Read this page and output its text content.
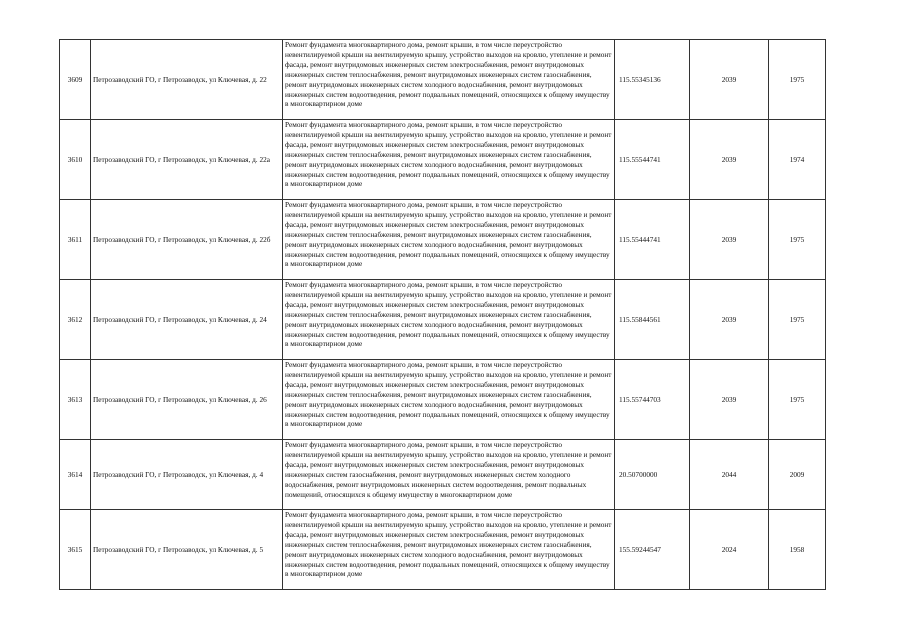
3609	Петрозаводский ГО, г Петрозаводск, ул Ключевая, д. 22	Ремонт фундамента многоквартирного дома, ремонт крыши, в том числе переустройство невентилируемой крыши на вентилируемую крышу, устройство выходов на кровлю, утепление и ремонт фасада, ремонт внутридомовых инженерных систем электроснабжения, ремонт внутридомовых инженерных систем теплоснабжения, ремонт внутридомовых инженерных систем газоснабжения, ремонт внутридомовых инженерных систем холодного водоснабжения, ремонт внутридомовых инженерных систем водоотведения, ремонт подвальных помещений, относящихся к общему имуществу в многоквартирном доме	115.55345136	2039	1975
3610	Петрозаводский ГО, г Петрозаводск, ул Ключевая, д. 22а	Ремонт фундамента многоквартирного дома, ремонт крыши, в том числе переустройство невентилируемой крыши на вентилируемую крышу, устройство выходов на кровлю, утепление и ремонт фасада, ремонт внутридомовых инженерных систем электроснабжения, ремонт внутридомовых инженерных систем теплоснабжения, ремонт внутридомовых инженерных систем газоснабжения, ремонт внутридомовых инженерных систем холодного водоснабжения, ремонт внутридомовых инженерных систем водоотведения, ремонт подвальных помещений, относящихся к общему имуществу в многоквартирном доме	115.55544741	2039	1974
3611	Петрозаводский ГО, г Петрозаводск, ул Ключевая, д. 22б	Ремонт фундамента многоквартирного дома, ремонт крыши, в том числе переустройство невентилируемой крыши на вентилируемую крышу, устройство выходов на кровлю, утепление и ремонт фасада, ремонт внутридомовых инженерных систем электроснабжения, ремонт внутридомовых инженерных систем теплоснабжения, ремонт внутридомовых инженерных систем газоснабжения, ремонт внутридомовых инженерных систем холодного водоснабжения, ремонт внутридомовых инженерных систем водоотведения, ремонт подвальных помещений, относящихся к общему имуществу в многоквартирном доме	115.55444741	2039	1975
3612	Петрозаводский ГО, г Петрозаводск, ул Ключевая, д. 24	Ремонт фундамента многоквартирного дома, ремонт крыши, в том числе переустройство невентилируемой крыши на вентилируемую крышу, устройство выходов на кровлю, утепление и ремонт фасада, ремонт внутридомовых инженерных систем электроснабжения, ремонт внутридомовых инженерных систем теплоснабжения, ремонт внутридомовых инженерных систем газоснабжения, ремонт внутридомовых инженерных систем холодного водоснабжения, ремонт внутридомовых инженерных систем водоотведения, ремонт подвальных помещений, относящихся к общему имуществу в многоквартирном доме	115.55844561	2039	1975
3613	Петрозаводский ГО, г Петрозаводск, ул Ключевая, д. 26	Ремонт фундамента многоквартирного дома, ремонт крыши, в том числе переустройство невентилируемой крыши на вентилируемую крышу, устройство выходов на кровлю, утепление и ремонт фасада, ремонт внутридомовых инженерных систем электроснабжения, ремонт внутридомовых инженерных систем теплоснабжения, ремонт внутридомовых инженерных систем газоснабжения, ремонт внутридомовых инженерных систем холодного водоснабжения, ремонт внутридомовых инженерных систем водоотведения, ремонт подвальных помещений, относящихся к общему имуществу в многоквартирном доме	115.55744703	2039	1975
3614	Петрозаводский ГО, г Петрозаводск, ул Ключевая, д. 4	Ремонт фундамента многоквартирного дома, ремонт крыши, в том числе переустройство невентилируемой крыши на вентилируемую крышу, устройство выходов на кровлю, утепление и ремонт фасада, ремонт внутридомовых инженерных систем электроснабжения, ремонт внутридомовых инженерных систем газоснабжения, ремонт внутридомовых инженерных систем холодного водоснабжения, ремонт внутридомовых инженерных систем водоотведения, ремонт подвальных помещений, относящихся к общему имуществу в многоквартирном доме	20.50700000	2044	2009
3615	Петрозаводский ГО, г Петрозаводск, ул Ключевая, д. 5	Ремонт фундамента многоквартирного дома, ремонт крыши, в том числе переустройство невентилируемой крыши на вентилируемую крышу, устройство выходов на кровлю, утепление и ремонт фасада, ремонт внутридомовых инженерных систем электроснабжения, ремонт внутридомовых инженерных систем теплоснабжения, ремонт внутридомовых инженерных систем газоснабжения, ремонт внутридомовых инженерных систем холодного водоснабжения, ремонт внутридомовых инженерных систем водоотведения, ремонт подвальных помещений, относящихся к общему имуществу в многоквартирном доме	155.59244547	2024	1958
